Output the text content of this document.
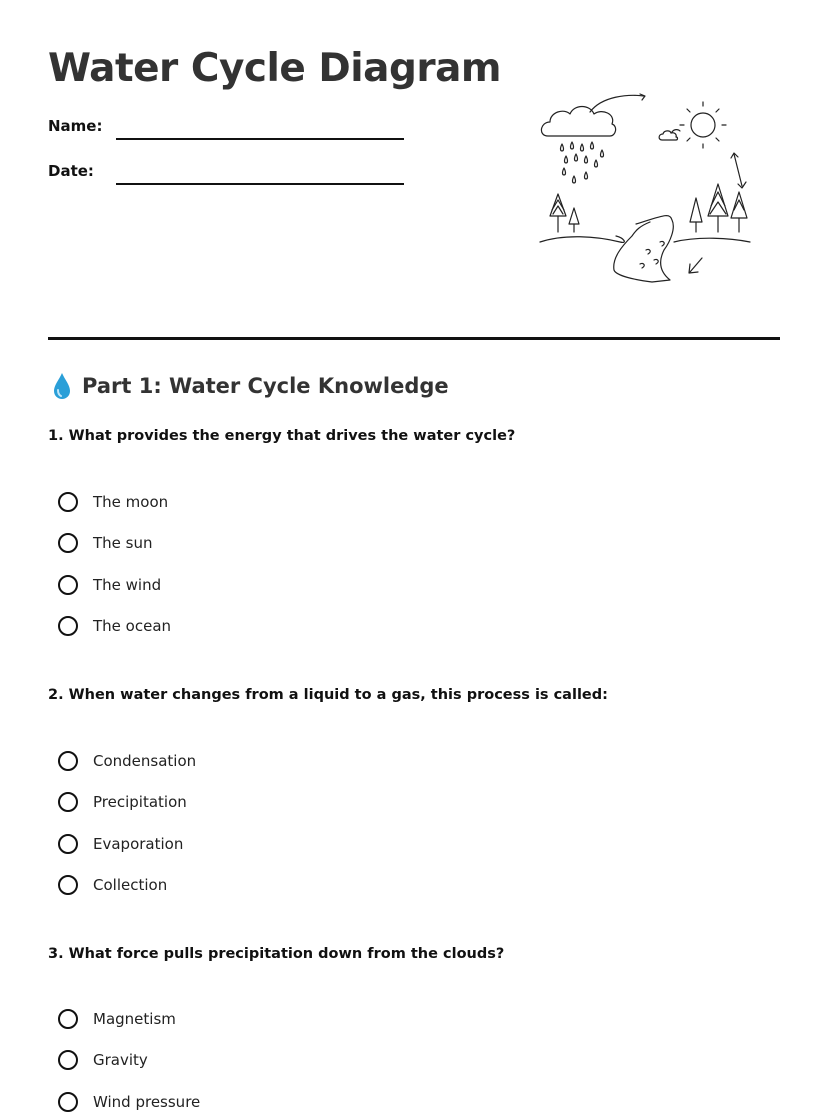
Water Cycle Diagram
Name:
Date:
Part 1: Water Cycle Knowledge
1. What provides the energy that drives the water cycle?
The moon
The sun
The wind
The ocean
2. When water changes from a liquid to a gas, this process is called:
Condensation
Precipitation
Evaporation
Collection
3. What force pulls precipitation down from the clouds?
Magnetism
Gravity
Wind pressure
